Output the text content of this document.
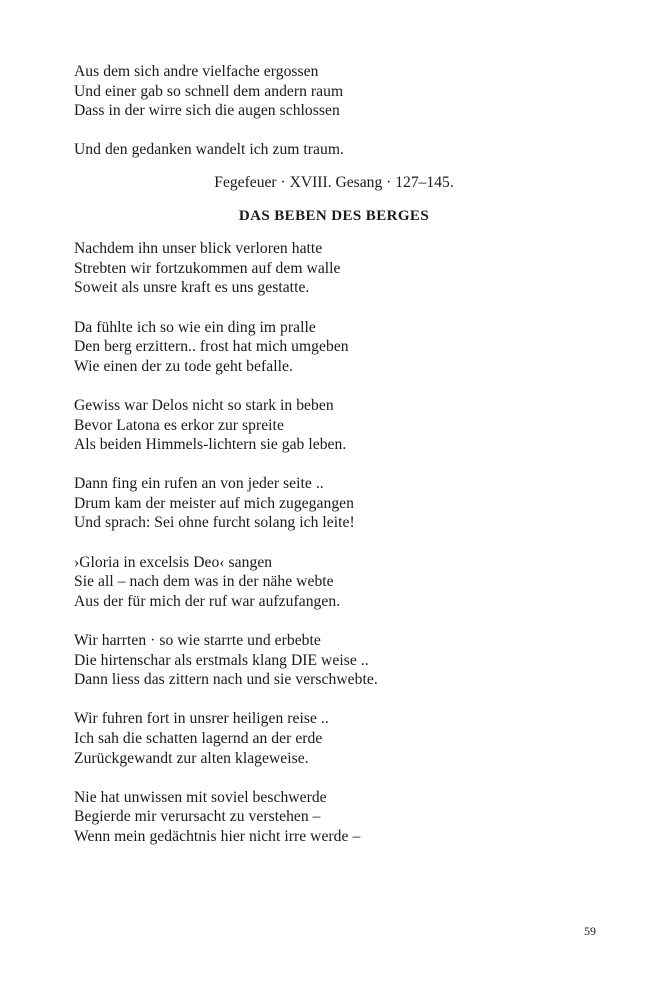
Aus dem sich andre vielfache ergossen
Und einer gab so schnell dem andern raum
Dass in der wirre sich die augen schlossen
Und den gedanken wandelt ich zum traum.
Fegefeuer · XVIII. Gesang · 127–145.
DAS BEBEN DES BERGES
Nachdem ihn unser blick verloren hatte
Strebten wir fortzukommen auf dem walle
Soweit als unsre kraft es uns gestatte.
Da fühlte ich so wie ein ding im pralle
Den berg erzittern.. frost hat mich umgeben
Wie einen der zu tode geht befalle.
Gewiss war Delos nicht so stark in beben
Bevor Latona es erkor zur spreite
Als beiden Himmels-lichtern sie gab leben.
Dann fing ein rufen an von jeder seite ..
Drum kam der meister auf mich zugegangen
Und sprach: Sei ohne furcht solang ich leite!
›Gloria in excelsis Deo‹ sangen
Sie all – nach dem was in der nähe webte
Aus der für mich der ruf war aufzufangen.
Wir harrten · so wie starrte und erbebte
Die hirtenschar als erstmals klang DIE weise ..
Dann liess das zittern nach und sie verschwebte.
Wir fuhren fort in unsrer heiligen reise ..
Ich sah die schatten lagernd an der erde
Zurückgewandt zur alten klageweise.
Nie hat unwissen mit soviel beschwerde
Begierde mir verursacht zu verstehen –
Wenn mein gedächtnis hier nicht irre werde –
59
